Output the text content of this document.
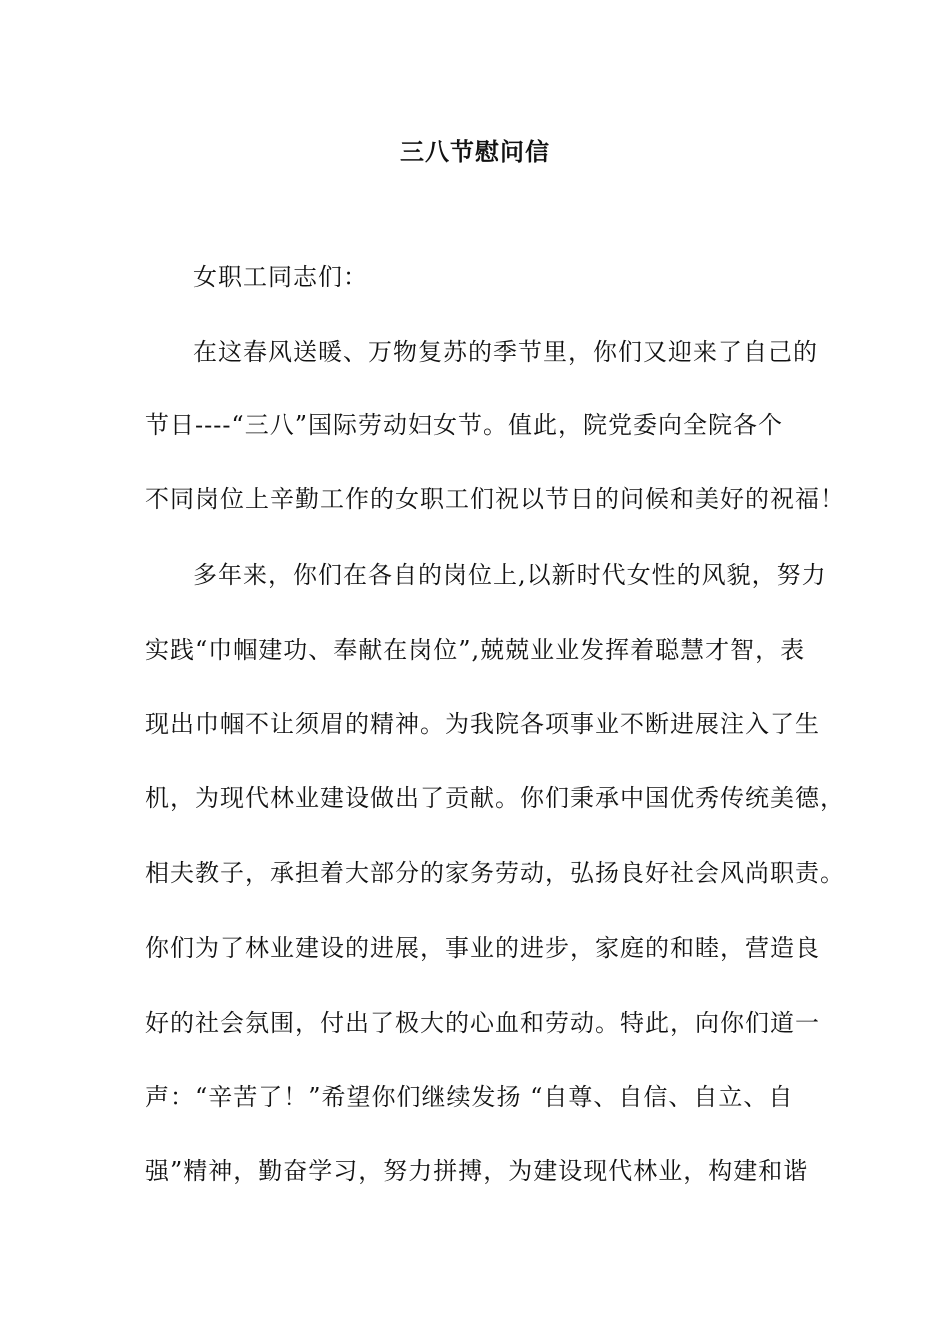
三八节慰问信
女职工同志们：
在这春风送暖、万物复苏的季节里，你们又迎来了自己的
节日----“三八”国际劳动妇女节。值此，院党委向全院各个
不同岗位上辛勤工作的女职工们祝以节日的问候和美好的祝福！
多年来，你们在各自的岗位上,以新时代女性的风貌，努力
实践“巾帼建功、奉献在岗位”,兢兢业业发挥着聪慧才智，表
现出巾帼不让须眉的精神。为我院各项事业不断进展注入了生
机，为现代林业建设做出了贡献。你们秉承中国优秀传统美德，
相夫教子，承担着大部分的家务劳动，弘扬良好社会风尚职责。
你们为了林业建设的进展，事业的进步，家庭的和睦，营造良
好的社会氛围，付出了极大的心血和劳动。特此，向你们道一
声：“辛苦了！”希望你们继续发扬 “自尊、自信、自立、自
强”精神，勤奋学习，努力拼搏，为建设现代林业，构建和谐
